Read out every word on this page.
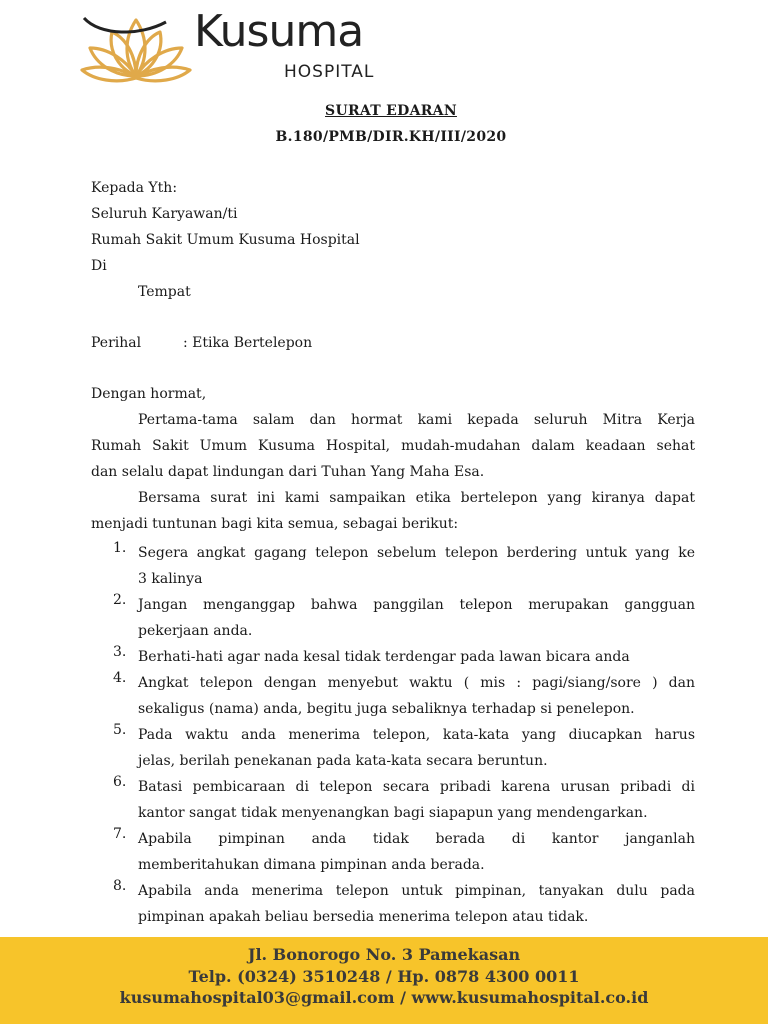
Kusuma
HOSPITAL
SURAT EDARAN
B.180/PMB/DIR.KH/III/2020
Kepada Yth:
Seluruh Karyawan/ti
Rumah Sakit Umum Kusuma Hospital
Di
Tempat
Perihal	: Etika Bertelepon
Dengan hormat,
Pertama-tama salam dan hormat kami kepada seluruh Mitra Kerja
Rumah Sakit Umum Kusuma Hospital, mudah-mudahan dalam keadaan sehat
dan selalu dapat lindungan dari Tuhan Yang Maha Esa.
Bersama surat ini kami sampaikan etika bertelepon yang kiranya dapat
menjadi tuntunan bagi kita semua, sebagai berikut:
1. Segera angkat gagang telepon sebelum telepon berdering untuk yang ke
3 kalinya
2. Jangan menganggap bahwa panggilan telepon merupakan gangguan
pekerjaan anda.
3. Berhati-hati agar nada kesal tidak terdengar pada lawan bicara anda
4. Angkat telepon dengan menyebut waktu ( mis : pagi/siang/sore ) dan
sekaligus (nama) anda, begitu juga sebaliknya terhadap si penelepon.
5. Pada waktu anda menerima telepon, kata-kata yang diucapkan harus
jelas, berilah penekanan pada kata-kata secara beruntun.
6. Batasi pembicaraan di telepon secara pribadi karena urusan pribadi di
kantor sangat tidak menyenangkan bagi siapapun yang mendengarkan.
7. Apabila pimpinan anda tidak berada di kantor janganlah
memberitahukan dimana pimpinan anda berada.
8. Apabila anda menerima telepon untuk pimpinan, tanyakan dulu pada
pimpinan apakah beliau bersedia menerima telepon atau tidak.
Jl. Bonorogo No. 3 Pamekasan
Telp. (0324) 3510248 / Hp. 0878 4300 0011
kusumahospital03@gmail.com / www.kusumahospital.co.id
